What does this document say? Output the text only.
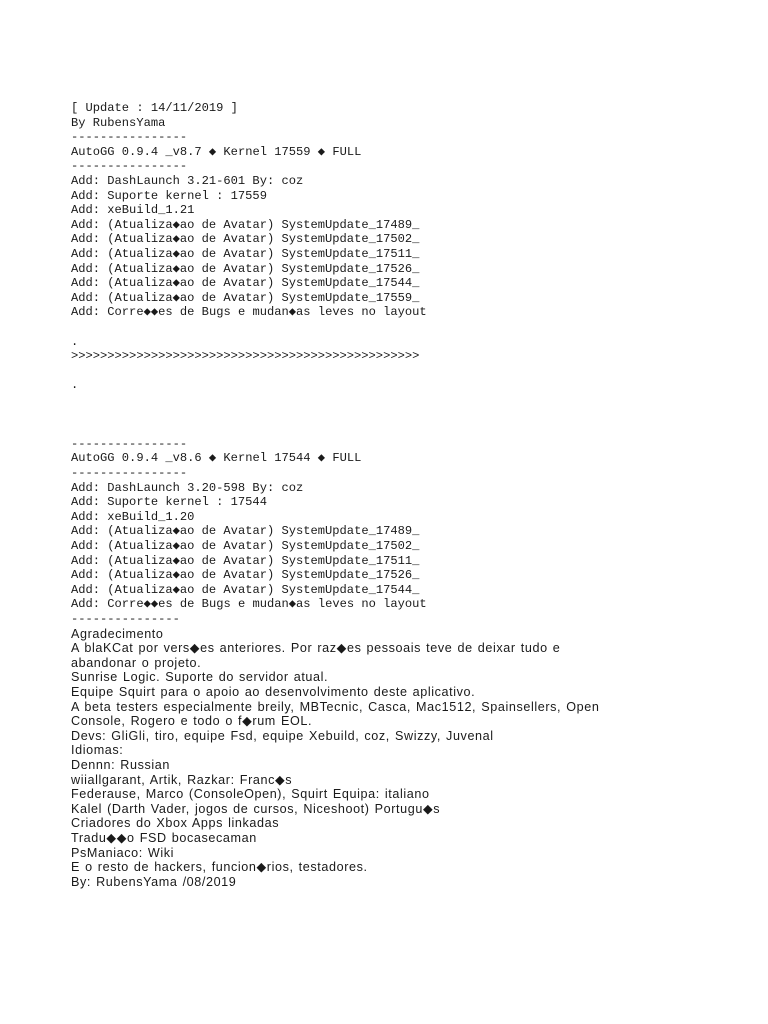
[ Update : 14/11/2019 ]
By RubensYama
----------------
AutoGG 0.9.4 _v8.7 ◆ Kernel 17559 ◆ FULL
----------------
Add: DashLaunch 3.21-601 By: coz
Add: Suporte kernel : 17559
Add: xeBuild_1.21
Add: (Atualiza◆ao de Avatar) SystemUpdate_17489_
Add: (Atualiza◆ao de Avatar) SystemUpdate_17502_
Add: (Atualiza◆ao de Avatar) SystemUpdate_17511_
Add: (Atualiza◆ao de Avatar) SystemUpdate_17526_
Add: (Atualiza◆ao de Avatar) SystemUpdate_17544_
Add: (Atualiza◆ao de Avatar) SystemUpdate_17559_
Add: Corre◆◆es de Bugs e mudan◆as leves no layout
.
>>>>>>>>>>>>>>>>>>>>>>>>>>>>>>>>>>>>>>>>>>>>>>>>
.
----------------
AutoGG 0.9.4 _v8.6 ◆ Kernel 17544 ◆ FULL
----------------
Add: DashLaunch 3.20-598 By: coz
Add: Suporte kernel : 17544
Add: xeBuild_1.20
Add: (Atualiza◆ao de Avatar) SystemUpdate_17489_
Add: (Atualiza◆ao de Avatar) SystemUpdate_17502_
Add: (Atualiza◆ao de Avatar) SystemUpdate_17511_
Add: (Atualiza◆ao de Avatar) SystemUpdate_17526_
Add: (Atualiza◆ao de Avatar) SystemUpdate_17544_
Add: Corre◆◆es de Bugs e mudan◆as leves no layout
---------------
Agradecimento
A blaKCat por vers◆es anteriores. Por raz◆es pessoais teve de deixar tudo e
abandonar o projeto.
Sunrise Logic. Suporte do servidor atual.
Equipe Squirt para o apoio ao desenvolvimento deste aplicativo.
A beta testers especialmente breily, MBTecnic, Casca, Mac1512, Spainsellers, Open
Console, Rogero e todo o f◆rum EOL.
Devs: GliGli, tiro, equipe Fsd, equipe Xebuild, coz, Swizzy, Juvenal
Idiomas:
Dennn: Russian
wiiallgarant, Artik, Razkar: Franc◆s
Federause, Marco (ConsoleOpen), Squirt Equipa: italiano
Kalel (Darth Vader, jogos de cursos, Niceshoot) Portugu◆s
Criadores do Xbox Apps linkadas
Tradu◆◆o FSD bocasecaman
PsManiaco: Wiki
E o resto de hackers, funcion◆rios, testadores.
By: RubensYama /08/2019
